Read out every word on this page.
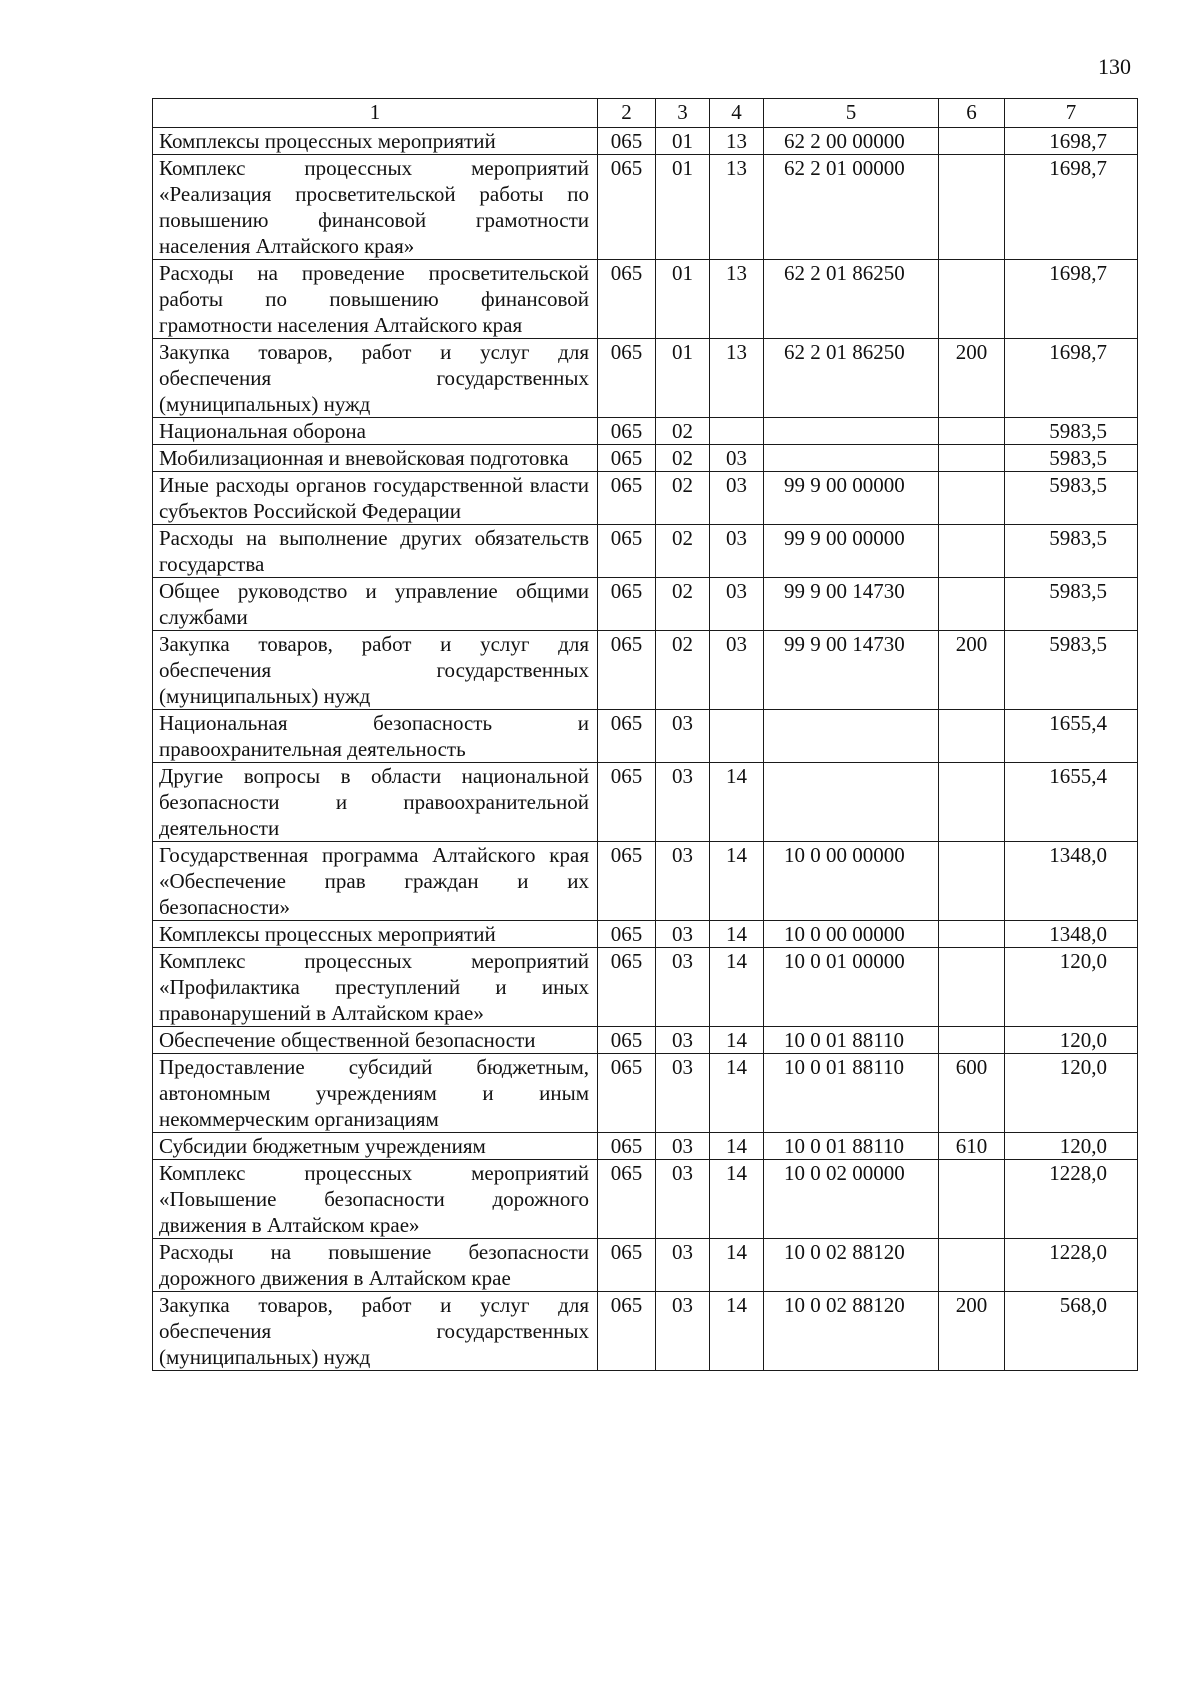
130
1	2	3	4	5	6	7
Комплексы процессных мероприятий	065	01	13	62 2 00 00000		1698,7
Комплекс процессных мероприятий «Реализация просветительской работы по повышению финансовой грамотности населения Алтайского края»	065	01	13	62 2 01 00000		1698,7
Расходы на проведение просветительской работы по повышению финансовой грамотности населения Алтайского края	065	01	13	62 2 01 86250		1698,7
Закупка товаров, работ и услуг для обеспечения государственных (муниципальных) нужд	065	01	13	62 2 01 86250	200	1698,7
Национальная оборона	065	02				5983,5
Мобилизационная и вневойсковая подготовка	065	02	03			5983,5
Иные расходы органов государственной власти субъектов Российской Федерации	065	02	03	99 9 00 00000		5983,5
Расходы на выполнение других обязательств государства	065	02	03	99 9 00 00000		5983,5
Общее руководство и управление общими службами	065	02	03	99 9 00 14730		5983,5
Закупка товаров, работ и услуг для обеспечения государственных (муниципальных) нужд	065	02	03	99 9 00 14730	200	5983,5
Национальная безопасность и правоохранительная деятельность	065	03				1655,4
Другие вопросы в области национальной безопасности и правоохранительной деятельности	065	03	14			1655,4
Государственная программа Алтайского края «Обеспечение прав граждан и их безопасности»	065	03	14	10 0 00 00000		1348,0
Комплексы процессных мероприятий	065	03	14	10 0 00 00000		1348,0
Комплекс процессных мероприятий «Профилактика преступлений и иных правонарушений в Алтайском крае»	065	03	14	10 0 01 00000		120,0
Обеспечение общественной безопасности	065	03	14	10 0 01 88110		120,0
Предоставление субсидий бюджетным, автономным учреждениям и иным некоммерческим организациям	065	03	14	10 0 01 88110	600	120,0
Субсидии бюджетным учреждениям	065	03	14	10 0 01 88110	610	120,0
Комплекс процессных мероприятий «Повышение безопасности дорожного движения в Алтайском крае»	065	03	14	10 0 02 00000		1228,0
Расходы на повышение безопасности дорожного движения в Алтайском крае	065	03	14	10 0 02 88120		1228,0
Закупка товаров, работ и услуг для обеспечения государственных (муниципальных) нужд	065	03	14	10 0 02 88120	200	568,0
